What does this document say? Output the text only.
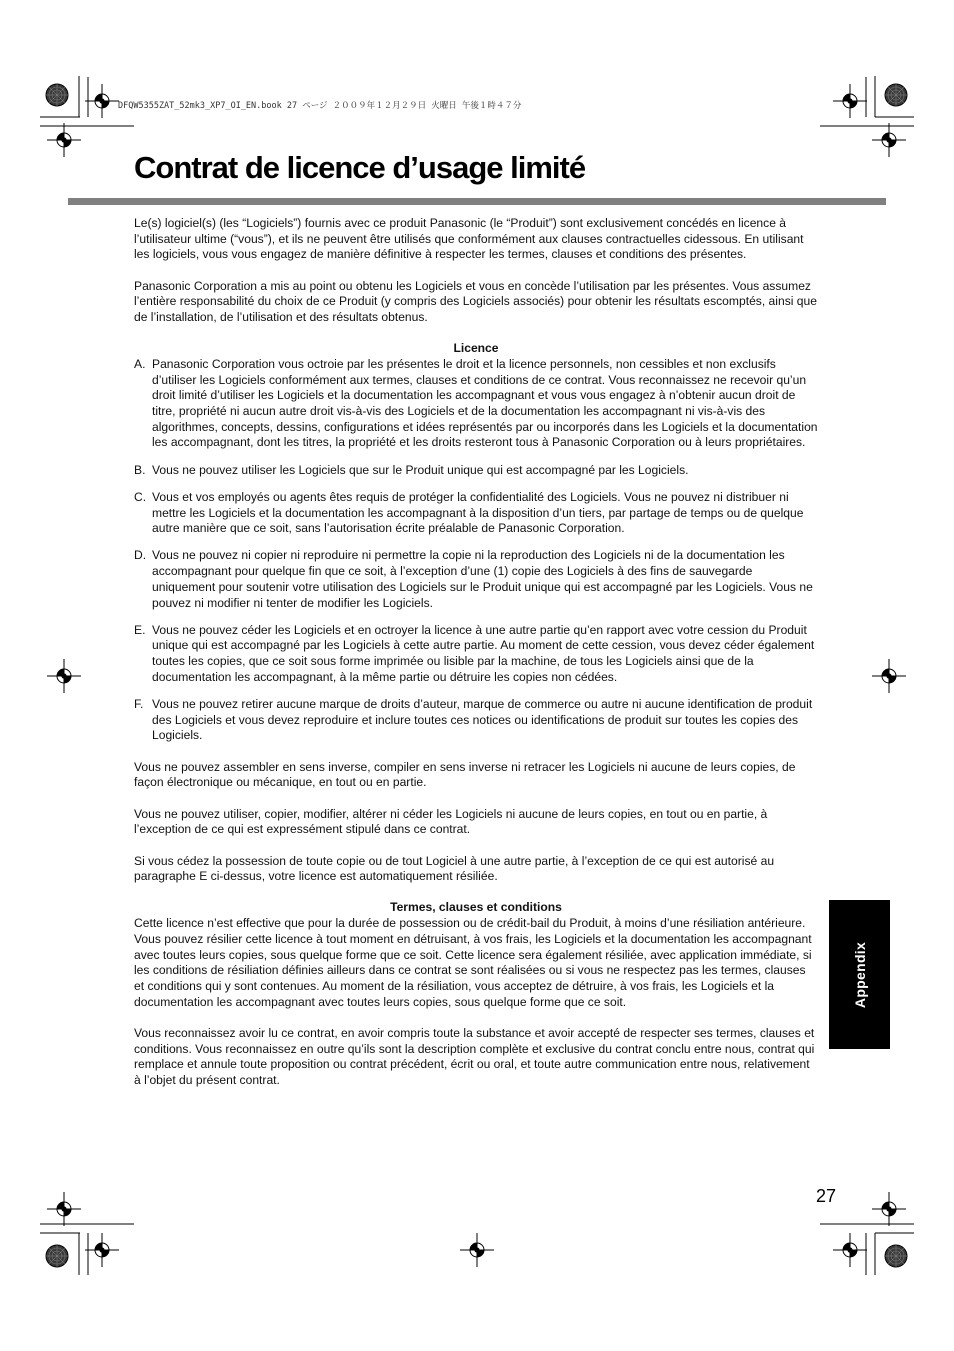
DFQW5355ZAT_52mk3_XP7_OI_EN.book 27 ページ ２００９年１２月２９日 火曜日 午後１時４７分
Contrat de licence d’usage limité

Le(s) logiciel(s) (les “Logiciels”) fournis avec ce produit Panasonic (le “Produit”) sont exclusivement concédés en licence à l’utilisateur ultime (“vous”), et ils ne peuvent être utilisés que conformément aux clauses contractuelles cidessous. En utilisant les logiciels, vous vous engagez de manière définitive à respecter les termes, clauses et conditions des présentes.

Panasonic Corporation a mis au point ou obtenu les Logiciels et vous en concède l’utilisation par les présentes. Vous assumez l’entière responsabilité du choix de ce Produit (y compris des Logiciels associés) pour obtenir les résultats escomptés, ainsi que de l’installation, de l’utilisation et des résultats obtenus.

Licence
A. Panasonic Corporation vous octroie par les présentes le droit et la licence personnels, non cessibles et non exclusifs d’utiliser les Logiciels conformément aux termes, clauses et conditions de ce contrat. Vous reconnaissez ne recevoir qu’un droit limité d’utiliser les Logiciels et la documentation les accompagnant et vous vous engagez à n’obtenir aucun droit de titre, propriété ni aucun autre droit vis-à-vis des Logiciels et de la documentation les accompagnant ni vis-à-vis des algorithmes, concepts, dessins, configurations et idées représentés par ou incorporés dans les Logiciels et la documentation les accompagnant, dont les titres, la propriété et les droits resteront tous à Panasonic Corporation ou à leurs propriétaires.
B. Vous ne pouvez utiliser les Logiciels que sur le Produit unique qui est accompagné par les Logiciels.
C. Vous et vos employés ou agents êtes requis de protéger la confidentialité des Logiciels. Vous ne pouvez ni distribuer ni mettre les Logiciels et la documentation les accompagnant à la disposition d’un tiers, par partage de temps ou de quelque autre manière que ce soit, sans l’autorisation écrite préalable de Panasonic Corporation.
D. Vous ne pouvez ni copier ni reproduire ni permettre la copie ni la reproduction des Logiciels ni de la documentation les accompagnant pour quelque fin que ce soit, à l’exception d’une (1) copie des Logiciels à des fins de sauvegarde uniquement pour soutenir votre utilisation des Logiciels sur le Produit unique qui est accompagné par les Logiciels. Vous ne pouvez ni modifier ni tenter de modifier les Logiciels.
E. Vous ne pouvez céder les Logiciels et en octroyer la licence à une autre partie qu’en rapport avec votre cession du Produit unique qui est accompagné par les Logiciels à cette autre partie. Au moment de cette cession, vous devez céder également toutes les copies, que ce soit sous forme imprimée ou lisible par la machine, de tous les Logiciels ainsi que de la documentation les accompagnant, à la même partie ou détruire les copies non cédées.
F. Vous ne pouvez retirer aucune marque de droits d’auteur, marque de commerce ou autre ni aucune identification de produit des Logiciels et vous devez reproduire et inclure toutes ces notices ou identifications de produit sur toutes les copies des Logiciels.

Vous ne pouvez assembler en sens inverse, compiler en sens inverse ni retracer les Logiciels ni aucune de leurs copies, de façon électronique ou mécanique, en tout ou en partie.

Vous ne pouvez utiliser, copier, modifier, altérer ni céder les Logiciels ni aucune de leurs copies, en tout ou en partie, à l’exception de ce qui est expressément stipulé dans ce contrat.

Si vous cédez la possession de toute copie ou de tout Logiciel à une autre partie, à l’exception de ce qui est autorisé au paragraphe E ci-dessus, votre licence est automatiquement résiliée.

Termes, clauses et conditions

Cette licence n’est effective que pour la durée de possession ou de crédit-bail du Produit, à moins d’une résiliation antérieure. Vous pouvez résilier cette licence à tout moment en détruisant, à vos frais, les Logiciels et la documentation les accompagnant avec toutes leurs copies, sous quelque forme que ce soit. Cette licence sera également résiliée, avec application immédiate, si les conditions de résiliation définies ailleurs dans ce contrat se sont réalisées ou si vous ne respectez pas les termes, clauses et conditions qui y sont contenues. Au moment de la résiliation, vous acceptez de détruire, à vos frais, les Logiciels et la documentation les accompagnant avec toutes leurs copies, sous quelque forme que ce soit.

Vous reconnaissez avoir lu ce contrat, en avoir compris toute la substance et avoir accepté de respecter ses termes, clauses et conditions. Vous reconnaissez en outre qu’ils sont la description complète et exclusive du contrat conclu entre nous, contrat qui remplace et annule toute proposition ou contrat précédent, écrit ou oral, et toute autre communication entre nous, relativement à l’objet du présent contrat.

Appendix
27
